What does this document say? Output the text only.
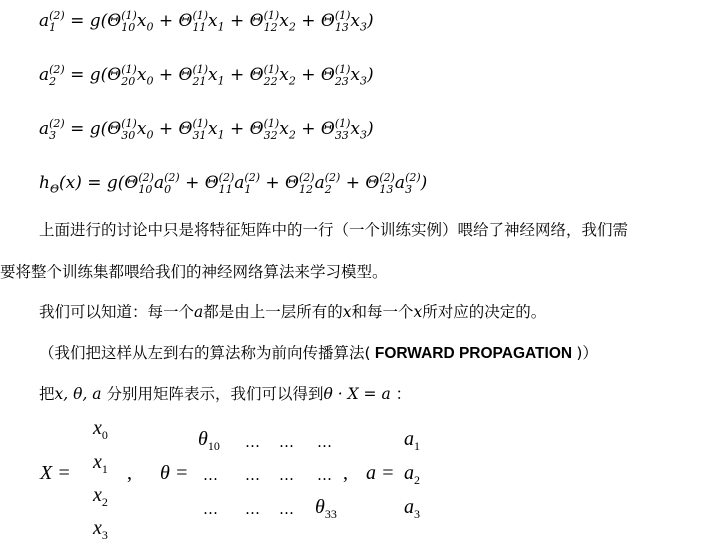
a (2)
1 = g(Θ (1)
10 $x_0 + \Theta$ (1)
11 $x_1 + \Theta$ (1)
12 $x_2 + \Theta$ (1)
13 $x_3$)
a (2)
2 = g(Θ (1)
20 $x_0 + \Theta$ (1)
21 $x_1 + \Theta$ (1)
22 $x_2 + \Theta$ (1)
23 $x_3$)
a (2)
3 = g(Θ (1)
30 $x_0 + \Theta$ (1)
31 $x_1 + \Theta$ (1)
32 $x_2 + \Theta$ (1)
33 $x_3$)
$h_\Theta(x) = g(\Theta$ (2)
10 a (2)
0 + Θ (2)
11 a (2)
1 + Θ (2)
12 a (2)
2 + Θ (2)
13 a (2)
3 )
上面进行的讨论中只是将特征矩阵中的一行（一个训练实例）喂给了神经网络，我们需
要将整个训练集都喂给我们的神经网络算法来学习模型。
我们可以知道：每一个a都是由上一层所有的x和每一个x所对应的决定的。
（我们把这样从左到右的算法称为前向传播算法( FORWARD PROPAGATION )）
把x, θ, a 分别用矩阵表示，我们可以得到θ · X = a ：
X =
$x_0$
$x_1$
$x_2$
$x_3$
, θ =
$\theta_{10}$ … … …
… … … …
… … … $\theta_{33}$
, a =
$a_1$
$a_2$
$a_3$
